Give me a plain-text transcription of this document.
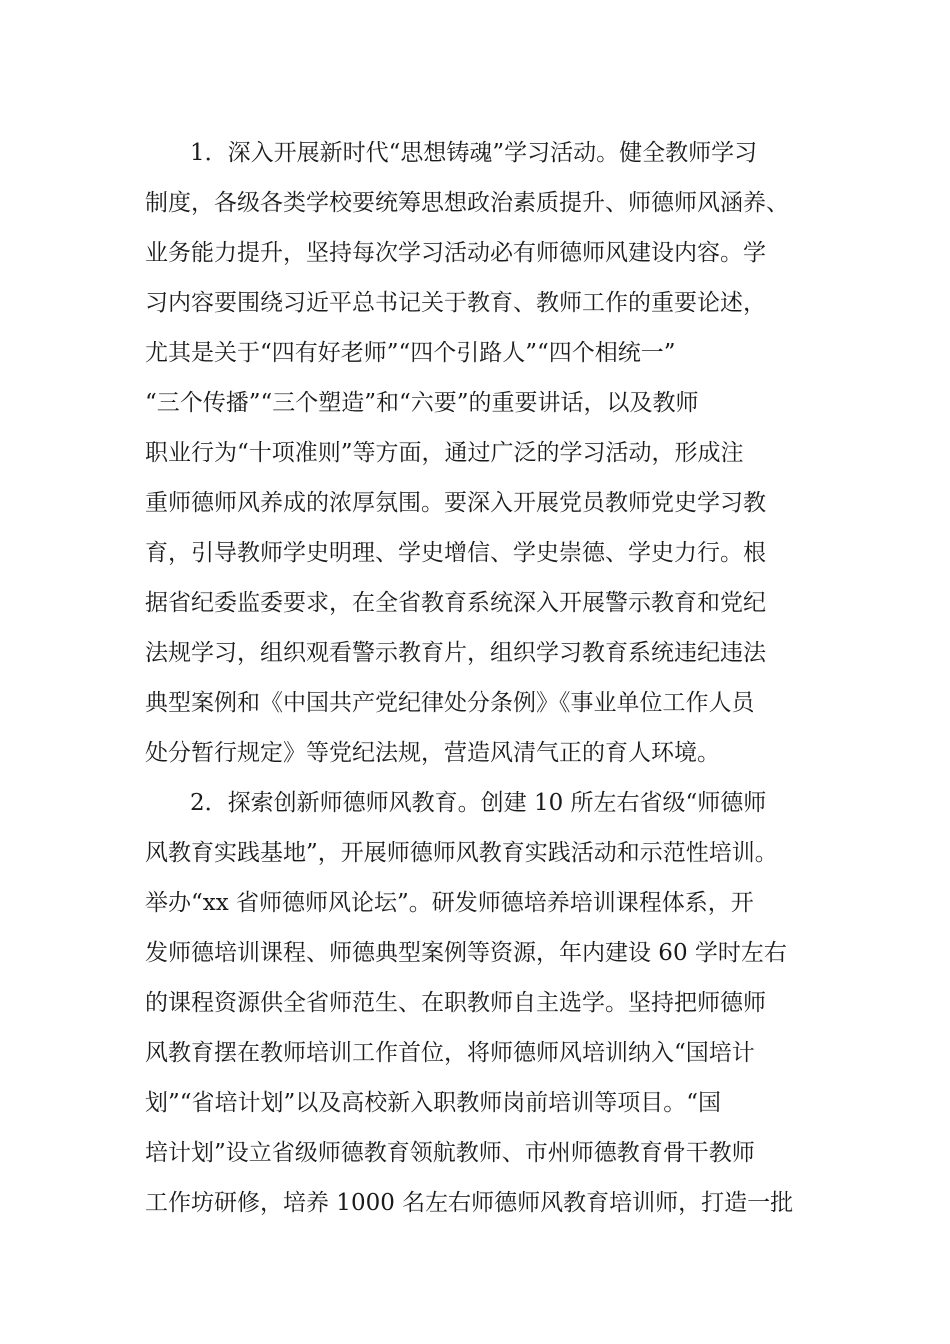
1．深入开展新时代“思想铸魂”学习活动。健全教师学习
制度，各级各类学校要统筹思想政治素质提升、师德师风涵养、
业务能力提升，坚持每次学习活动必有师德师风建设内容。学
习内容要围绕习近平总书记关于教育、教师工作的重要论述，
尤其是关于“四有好老师”“四个引路人”“四个相统一”
“三个传播”“三个塑造”和“六要”的重要讲话，以及教师
职业行为“十项准则”等方面，通过广泛的学习活动，形成注
重师德师风养成的浓厚氛围。要深入开展党员教师党史学习教
育，引导教师学史明理、学史增信、学史崇德、学史力行。根
据省纪委监委要求，在全省教育系统深入开展警示教育和党纪
法规学习，组织观看警示教育片，组织学习教育系统违纪违法
典型案例和《中国共产党纪律处分条例》《事业单位工作人员
处分暂行规定》等党纪法规，营造风清气正的育人环境。
2．探索创新师德师风教育。创建 10 所左右省级“师德师
风教育实践基地”，开展师德师风教育实践活动和示范性培训。
举办“xx 省师德师风论坛”。研发师德培养培训课程体系，开
发师德培训课程、师德典型案例等资源，年内建设 60 学时左右
的课程资源供全省师范生、在职教师自主选学。坚持把师德师
风教育摆在教师培训工作首位，将师德师风培训纳入“国培计
划”“省培计划”以及高校新入职教师岗前培训等项目。“国
培计划”设立省级师德教育领航教师、市州师德教育骨干教师
工作坊研修，培养 1000 名左右师德师风教育培训师，打造一批
